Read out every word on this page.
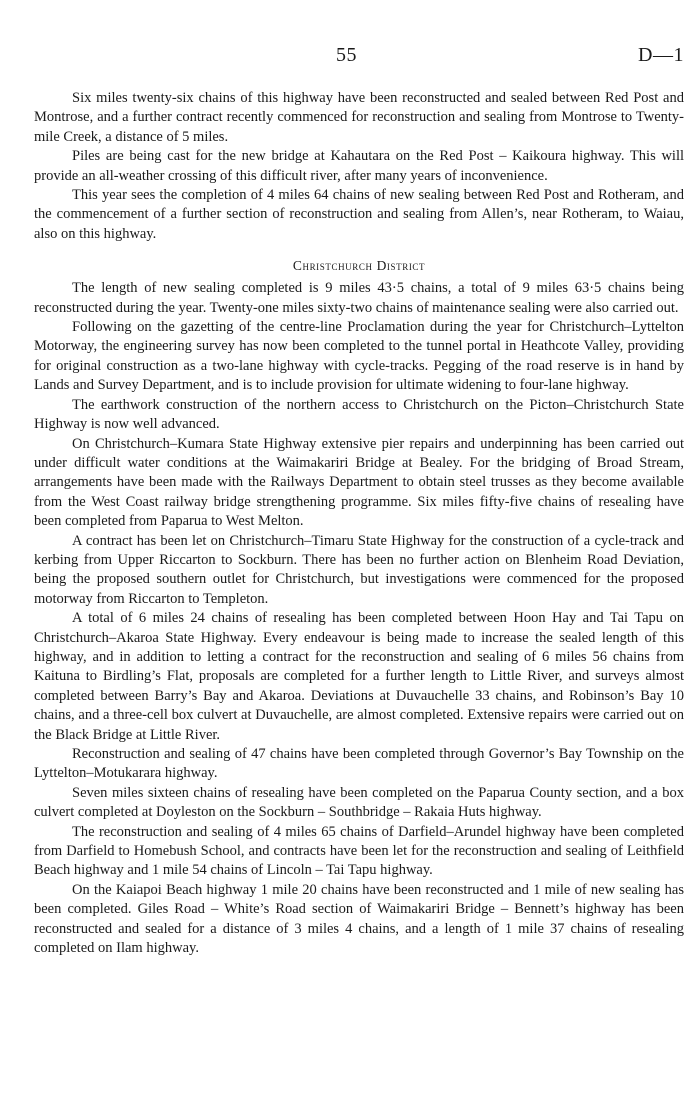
55	D—1

Six miles twenty-six chains of this highway have been reconstructed and sealed between Red Post and Montrose, and a further contract recently commenced for reconstruction and sealing from Montrose to Twenty-mile Creek, a distance of 5 miles.

Piles are being cast for the new bridge at Kahautara on the Red Post – Kaikoura highway. This will provide an all-weather crossing of this difficult river, after many years of inconvenience.

This year sees the completion of 4 miles 64 chains of new sealing between Red Post and Rotheram, and the commencement of a further section of reconstruction and sealing from Allen’s, near Rotheram, to Waiau, also on this highway.

Christchurch District

The length of new sealing completed is 9 miles 43·5 chains, a total of 9 miles 63·5 chains being reconstructed during the year. Twenty-one miles sixty-two chains of maintenance sealing were also carried out.

Following on the gazetting of the centre-line Proclamation during the year for Christchurch–Lyttelton Motorway, the engineering survey has now been completed to the tunnel portal in Heathcote Valley, providing for original construction as a two-lane highway with cycle-tracks. Pegging of the road reserve is in hand by Lands and Survey Department, and is to include provision for ultimate widening to four-lane highway.

The earthwork construction of the northern access to Christchurch on the Picton–Christchurch State Highway is now well advanced.

On Christchurch–Kumara State Highway extensive pier repairs and underpinning has been carried out under difficult water conditions at the Waimakariri Bridge at Bealey. For the bridging of Broad Stream, arrangements have been made with the Railways Department to obtain steel trusses as they become available from the West Coast railway bridge strengthening programme. Six miles fifty-five chains of resealing have been completed from Paparua to West Melton.

A contract has been let on Christchurch–Timaru State Highway for the construction of a cycle-track and kerbing from Upper Riccarton to Sockburn. There has been no further action on Blenheim Road Deviation, being the proposed southern outlet for Christchurch, but investigations were commenced for the proposed motorway from Riccarton to Templeton.

A total of 6 miles 24 chains of resealing has been completed between Hoon Hay and Tai Tapu on Christchurch–Akaroa State Highway. Every endeavour is being made to increase the sealed length of this highway, and in addition to letting a contract for the reconstruction and sealing of 6 miles 56 chains from Kaituna to Birdling’s Flat, proposals are completed for a further length to Little River, and surveys almost completed between Barry’s Bay and Akaroa. Deviations at Duvauchelle 33 chains, and Robinson’s Bay 10 chains, and a three-cell box culvert at Duvauchelle, are almost completed. Extensive repairs were carried out on the Black Bridge at Little River.

Reconstruction and sealing of 47 chains have been completed through Governor’s Bay Township on the Lyttelton–Motukarara highway.

Seven miles sixteen chains of resealing have been completed on the Paparua County section, and a box culvert completed at Doyleston on the Sockburn – Southbridge – Rakaia Huts highway.

The reconstruction and sealing of 4 miles 65 chains of Darfield–Arundel highway have been completed from Darfield to Homebush School, and contracts have been let for the reconstruction and sealing of Leithfield Beach highway and 1 mile 54 chains of Lincoln – Tai Tapu highway.

On the Kaiapoi Beach highway 1 mile 20 chains have been reconstructed and 1 mile of new sealing has been completed. Giles Road – White’s Road section of Waimakariri Bridge – Bennett’s highway has been reconstructed and sealed for a distance of 3 miles 4 chains, and a length of 1 mile 37 chains of resealing completed on Ilam highway.
